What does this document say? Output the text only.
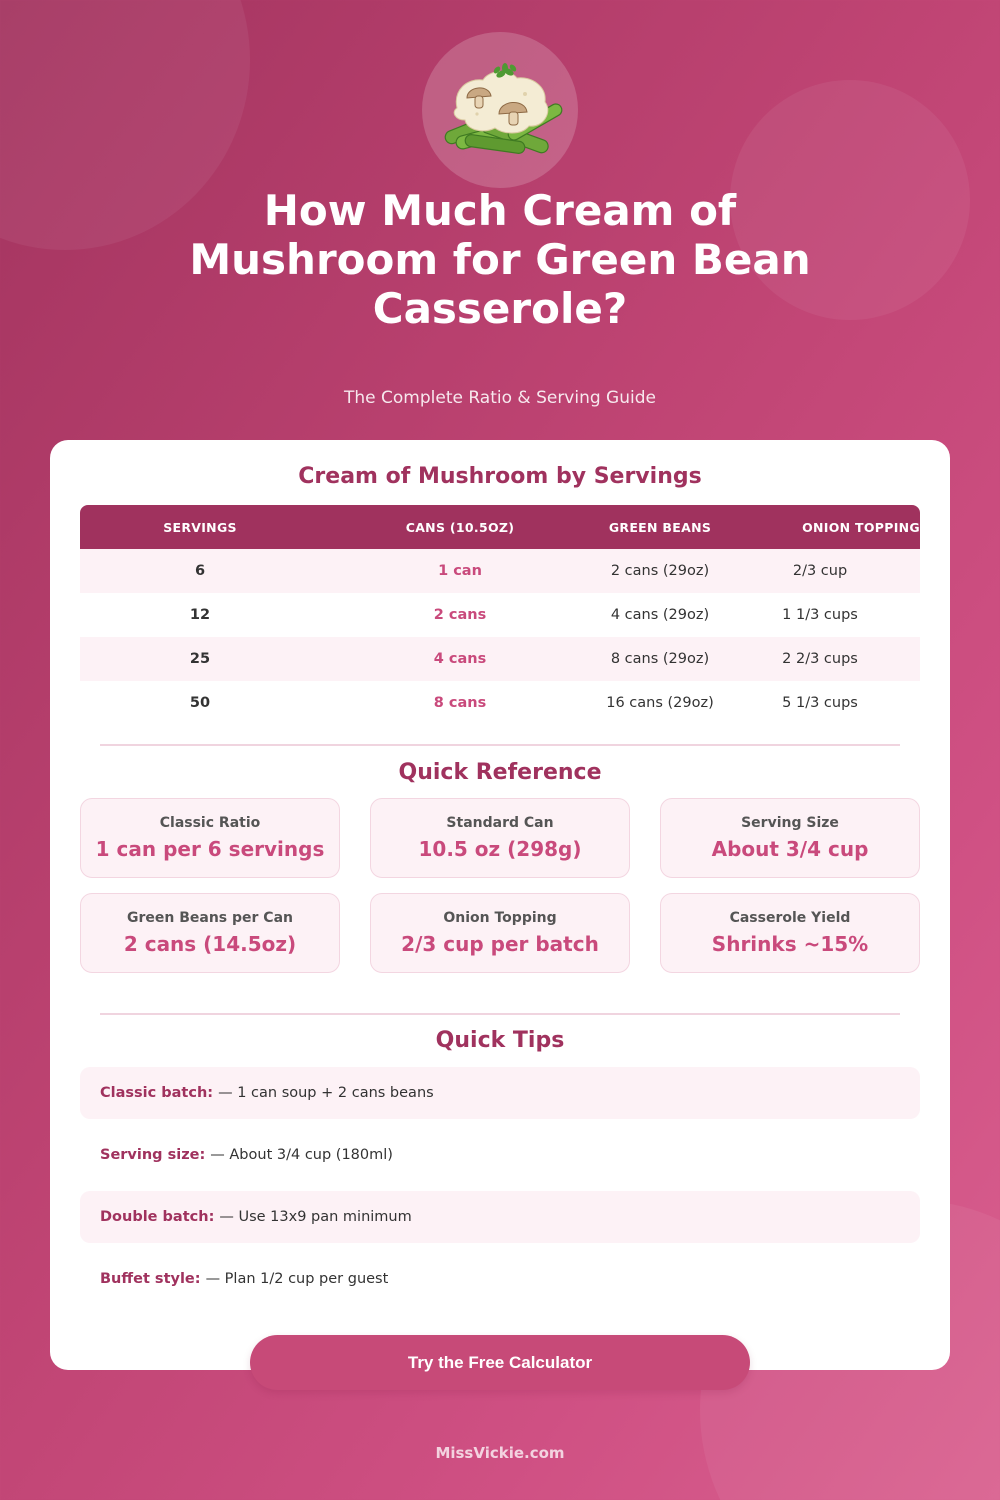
How Much Cream of Mushroom for Green Bean Casserole?
The Complete Ratio & Serving Guide
Cream of Mushroom by Servings
SERVINGS	CANS (10.5OZ)	GREEN BEANS	ONION TOPPING
6	1 can	2 cans (29oz)	2/3 cup
12	2 cans	4 cans (29oz)	1 1/3 cups
25	4 cans	8 cans (29oz)	2 2/3 cups
50	8 cans	16 cans (29oz)	5 1/3 cups
Quick Reference
Classic Ratio
1 can per 6 servings
Standard Can
10.5 oz (298g)
Serving Size
About 3/4 cup
Green Beans per Can
2 cans (14.5oz)
Onion Topping
2/3 cup per batch
Casserole Yield
Shrinks ~15%
Quick Tips
Classic batch: — 1 can soup + 2 cans beans
Serving size: — About 3/4 cup (180ml)
Double batch: — Use 13x9 pan minimum
Buffet style: — Plan 1/2 cup per guest
Try the Free Calculator
MissVickie.com
